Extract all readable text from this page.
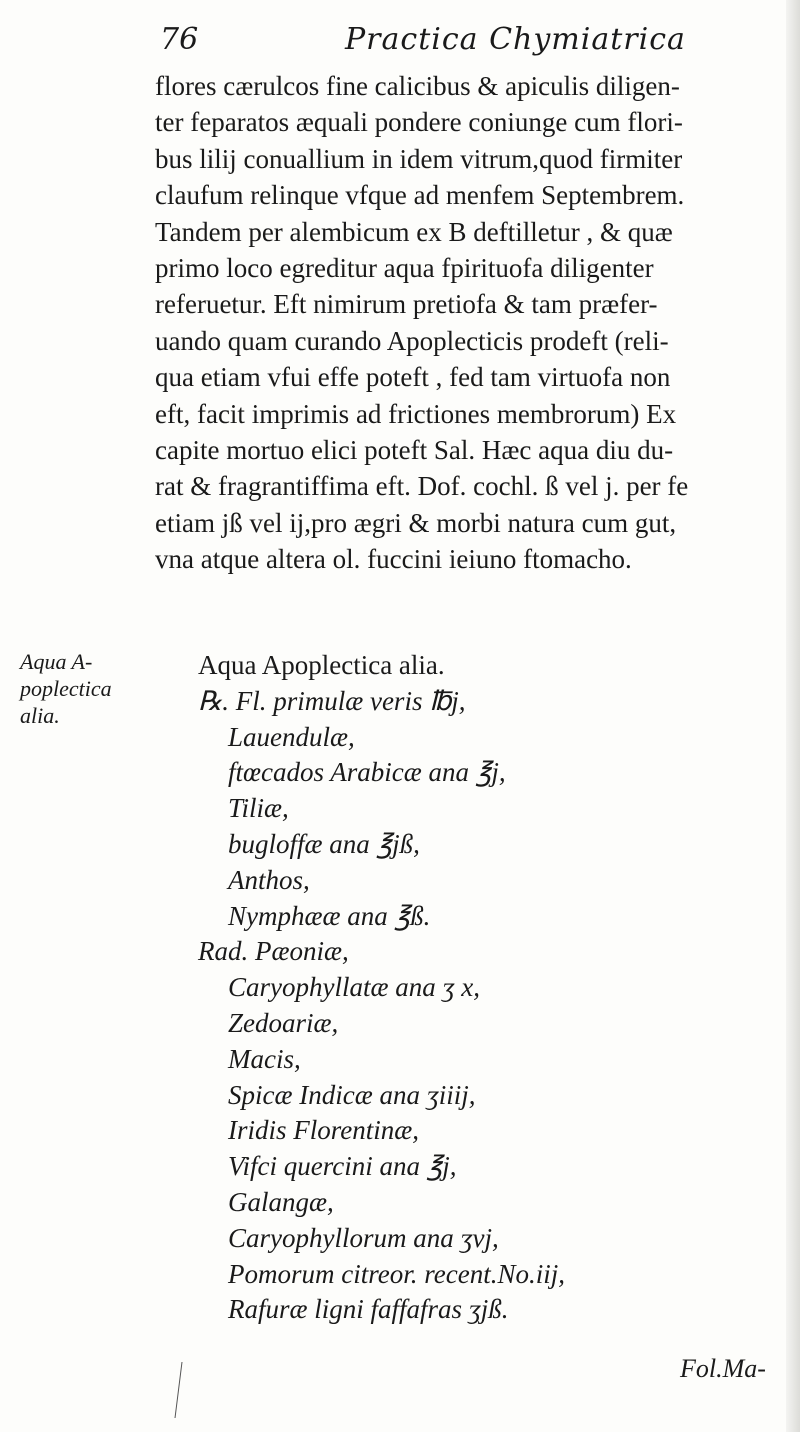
76	Practica Chymiatrica
flores cærulcos fine calicibus & apiculis diligen-
ter feparatos æquali pondere coniunge cum flori-
bus lilij conuallium in idem vitrum,quod firmiter
claufum relinque vfque ad menfem Septembrem.
Tandem per alembicum ex B deftilletur , & quæ
primo loco egreditur aqua fpirituofa diligenter
referuetur. Eft nimirum pretiofa & tam præfer-
uando quam curando Apoplecticis prodeft (reli-
qua etiam vfui effe poteft , fed tam virtuofa non
eft, facit imprimis ad frictiones membrorum) Ex
capite mortuo elici poteft Sal. Hæc aqua diu du-
rat & fragrantiffima eft. Dof. cochl. ß vel j. per fe
etiam jß vel ij,pro ægri & morbi natura cum gut,
vna atque altera ol. fuccini ieiuno ftomacho.
Aqua A-
poplectica
alia.
Aqua Apoplectica alia.
℞. Fl. primulæ veris ℔j,
Lauendulæ,
ftœcados Arabicæ ana ℥j,
Tiliæ,
bugloffæ ana ℥jß,
Anthos,
Nymphææ ana ℥ß.
Rad. Pæoniæ,
Caryophyllatæ ana ʒ x,
Zedoariæ,
Macis,
Spicæ Indicæ ana ʒiiij,
Iridis Florentinæ,
Vifci quercini ana ℥j,
Galangæ,
Caryophyllorum ana ʒvj,
Pomorum citreor. recent.No.iij,
Rafuræ ligni faffafras ʒjß.
Fol.Ma-
